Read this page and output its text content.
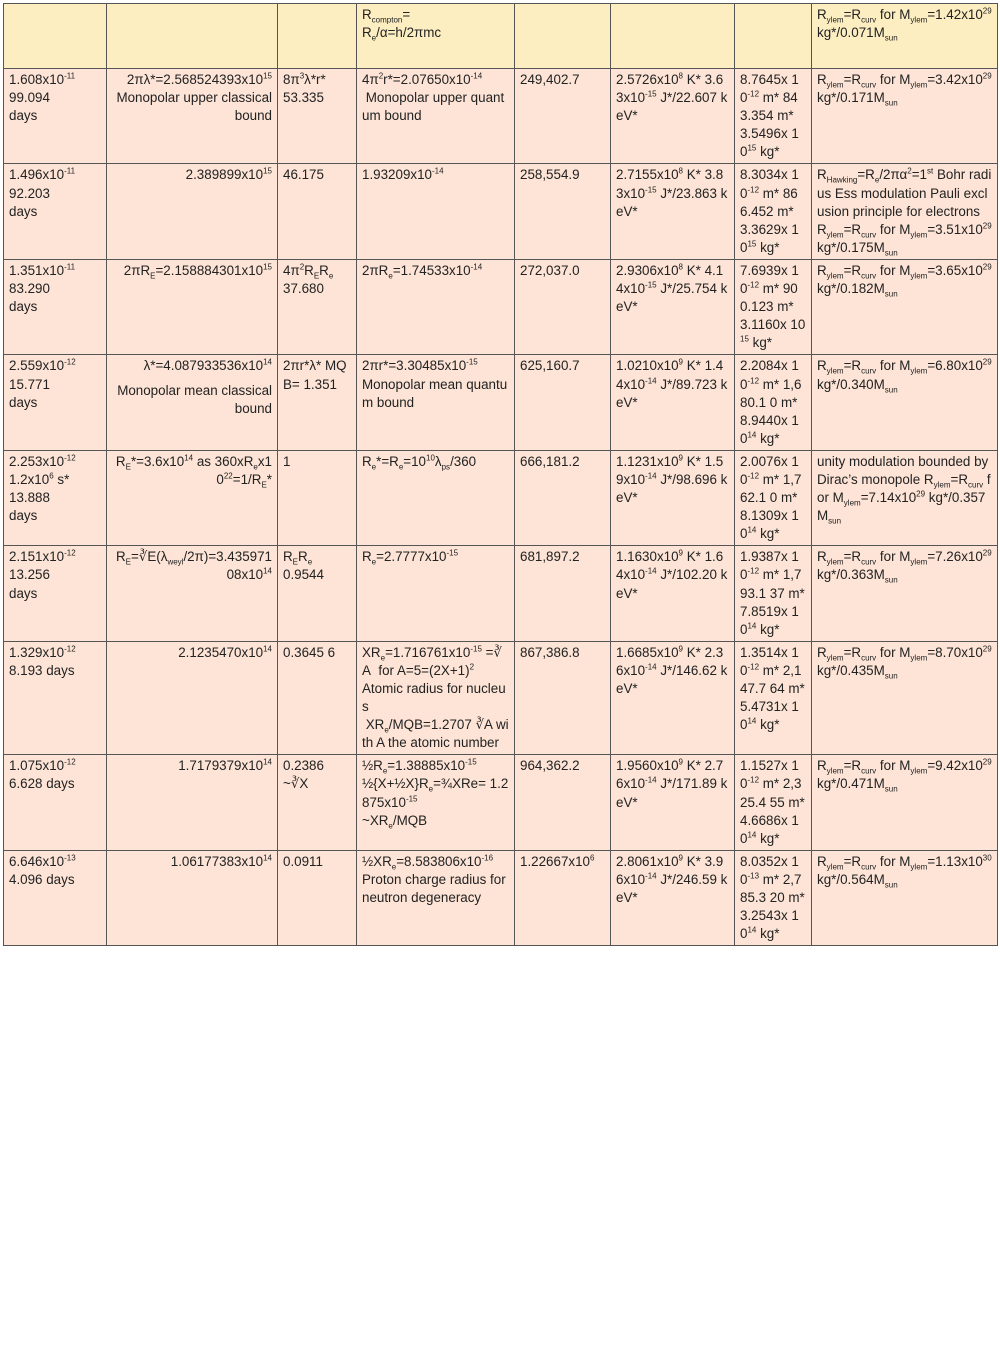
			$R_{compton}=$
$R_e/\alpha=h/2\pi mc$				$R_{ylem}=R_{curv}$ for $M_{ylem}=1.42x10^{29}$ $kg*/0.071M_{sun}$

$1.608x10^{-11}$
99.094
days	$2\pi\lambda*=2.568524393x10^{15}$
Monopolar upper classical bound	$8\pi^3\lambda*r*$
53.335	$4\pi^2r*=2.07650x10^{-14}$
Monopolar upper quantum bound	249,402.7	$2.5726x10^8$ K* $3.63x10^{-15}$ J*/22.607 keV*	8.7645x $10^{-12}$ m* 843.354 m* 3.5496x $10^{15}$ kg*	$R_{ylem}=R_{curv}$ for $M_{ylem}=3.42x10^{29}$ $kg*/0.171M_{sun}$

$1.496x10^{-11}$
92.203
days	$2.389899x10^{15}$	46.175	$1.93209x10^{-14}$	258,554.9	$2.7155x10^8$ K* $3.83x10^{-15}$ J*/23.863 keV*	8.3034x $10^{-12}$ m* 866.452 m* 3.3629x $10^{15}$ kg*	$R_{Hawking}=R_e/2\pi\alpha^2=1st$ Bohr radius Ess modulation Pauli exclusion principle for electrons $R_{ylem}=R_{curv}$ for $M_{ylem}=3.51x10^{29}$ $kg*/0.175M_{sun}$

$1.351x10^{-11}$
83.290
days	$2\pi R_E=2.158884301x10^{15}$	$4\pi^2R_ER_e$
37.680	$2\pi R_e=1.74533x10^{-14}$	272,037.0	$2.9306x10^8$ K* $4.14x10^{-15}$ J*/25.754 keV*	7.6939x $10^{-12}$ m* 900.123 m* 3.1160x $10^{15}$ kg*	$R_{ylem}=R_{curv}$ for $M_{ylem}=3.65x10^{29}$ $kg*/0.182M_{sun}$

$2.559x10^{-12}$
15.771
days	$\lambda*=4.087933536x10^{14}$
Monopolar mean classical bound	2πr*λ* MQB= 1.351	$2\pi r*=3.30485x10^{-15}$
Monopolar mean quantum bound	625,160.7	$1.0210x10^9$ K* $1.44x10^{-14}$ J*/89.723 keV*	2.2084x $10^{-12}$ m* 1,680.1 0 m* 8.9440x $10^{14}$ kg*	$R_{ylem}=R_{curv}$ for $M_{ylem}=6.80x10^{29}$ $kg*/0.340M_{sun}$

$2.253x10^{-12}$
$1.2x10^6$ s*
13.888
days	$R_E*=3.6x10^{14}$ as $360xR_ex10^{22}=1/R_E*$	1	$R_e*=R_e=10^{10}\lambda_{ps}/360$	666,181.2	$1.1231x10^9$ K* $1.59x10^{-14}$ J*/98.696 keV*	2.0076x $10^{-12}$ m* 1,762.1 0 m* 8.1309x $10^{14}$ kg*	unity modulation bounded by Dirac’s monopole $R_{ylem}=R_{curv}$ for $M_{ylem}=7.14x10^{29}$ $kg*/0.357M_{sun}$

$2.151x10^{-12}$
13.256
days	$R_E=∛E(\lambda_{weyl}/2\pi)=3.43597108x10^{14}$	$R_ER_e$
0.9544	$R_e=2.7777x10^{-15}$	681,897.2	$1.1630x10^9$ K* $1.64x10^{-14}$ J*/102.20 keV*	1.9387x $10^{-12}$ m* 1,793.1 37 m* 7.8519x $10^{14}$ kg*	$R_{ylem}=R_{curv}$ for $M_{ylem}=7.26x10^{29}$ $kg*/0.363M_{sun}$

$1.329x10^{-12}$
8.193 days	$2.1235470x10^{14}$	0.3645 6	$XR_e=1.716761x10^{-15}$ =∛A  for $A=5=(2X+1)^2$
Atomic radius for nucleus
$XR_e/MQB=1.2707$ ∛A with A the atomic number	867,386.8	$1.6685x10^9$ K* $2.36x10^{-14}$ J*/146.62 keV*	1.3514x $10^{-12}$ m* 2,147.7 64 m* 5.4731x $10^{14}$ kg*	$R_{ylem}=R_{curv}$ for $M_{ylem}=8.70x10^{29}$ $kg*/0.435M_{sun}$

$1.075x10^{-12}$
6.628 days	$1.7179379x10^{14}$	0.2386
~∛X	$\frac{1}{2}R_e=1.38885x10^{-15}$
$\frac{1}{2}\{X+\frac{1}{2}X\}R_e=\frac{3}{4}XRe= 1.2875x10^{-15}$
$\sim XR_e$/MQB	964,362.2	$1.9560x10^9$ K* $2.76x10^{-14}$ J*/171.89 keV*	1.1527x $10^{-12}$ m* 2,325.4 55 m* 4.6686x $10^{14}$ kg*	$R_{ylem}=R_{curv}$ for $M_{ylem}=9.42x10^{29}$ $kg*/0.471M_{sun}$

$6.646x10^{-13}$
4.096 days	$1.06177383x10^{14}$	0.0911	$\frac{1}{2}XR_e=8.583806x10^{-16}$
Proton charge radius for neutron degeneracy	$1.22667x10^6$	$2.8061x10^9$ K* $3.96x10^{-14}$ J*/246.59 keV*	8.0352x $10^{-13}$ m* 2,785.3 20 m* 3.2543x $10^{14}$ kg*	$R_{ylem}=R_{curv}$ for $M_{ylem}=1.13x10^{30}$ $kg*/0.564M_{sun}$
